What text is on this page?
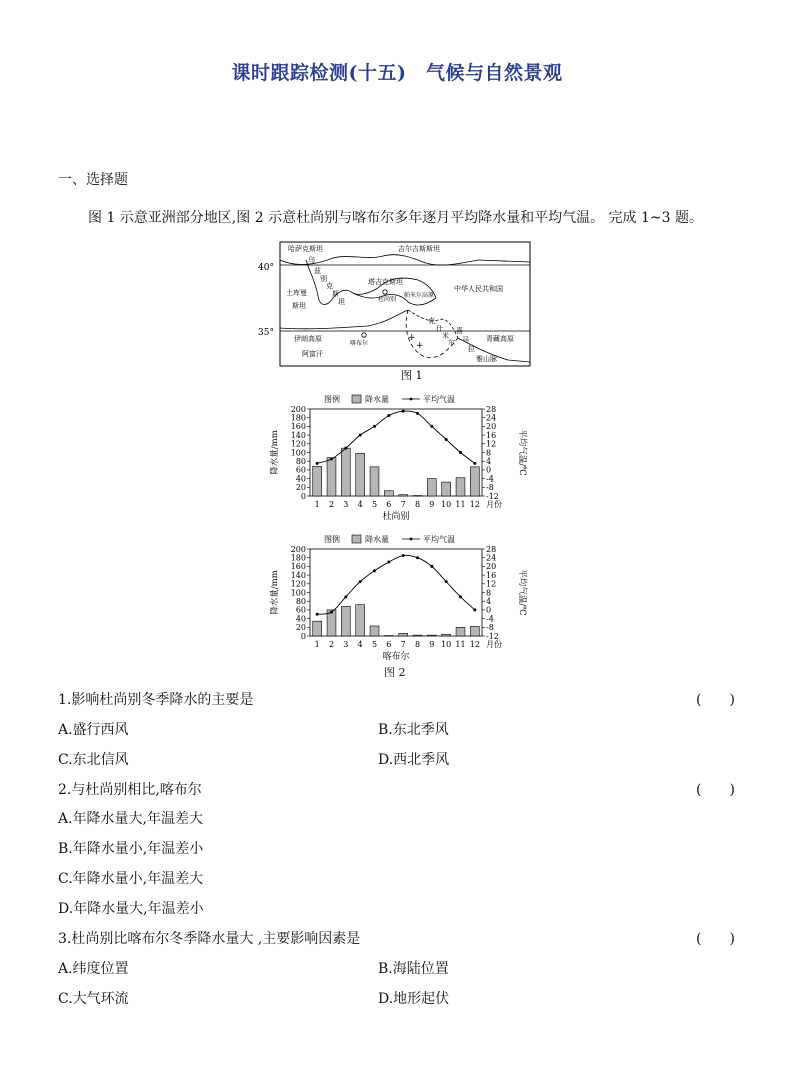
课时跟踪检测(十五)　气候与自然景观
一、选择题
图 1 示意亚洲部分地区,图 2 示意杜尚别与喀布尔多年逐月平均降水量和平均气温。 完成 1~3 题。
40°
35°
哈萨克斯坦	吉尔吉斯斯坦
乌
兹
别
克
斯
坦
塔吉克斯坦
土库曼
斯坦
中华人民共和国
帕米尔高原
杜尚别
伊朗高原
喀布尔
阿富汗
克
什
米
尔
喜
马
拉
雅山脉
青藏高原
+
+
图 1
图例	降水量	平均气温
0
20
40
60
80
100
120
140
160
180
200
-12
-8
-4
0
4
8
12
16
20
24
28
降水量/mm	平均气温/℃
1 2 3 4 5 6 7 8 9 10 11 12 月份
杜尚别
图例	降水量	平均气温
0
20
40
60
80
100
120
140
160
180
200
-12
-8
-4
0
4
8
12
16
20
24
28
降水量/mm	平均气温/℃
1 2 3 4 5 6 7 8 9 10 11 12 月份
喀布尔
图 2
1.影响杜尚别冬季降水的主要是	(　　)
A.盛行西风	B.东北季风
C.东北信风	D.西北季风
2.与杜尚别相比,喀布尔	(　　)
A.年降水量大,年温差大
B.年降水量小,年温差小
C.年降水量小,年温差大
D.年降水量大,年温差小
3.杜尚别比喀布尔冬季降水量大 ,主要影响因素是	(　　)
A.纬度位置	B.海陆位置
C.大气环流	D.地形起伏
